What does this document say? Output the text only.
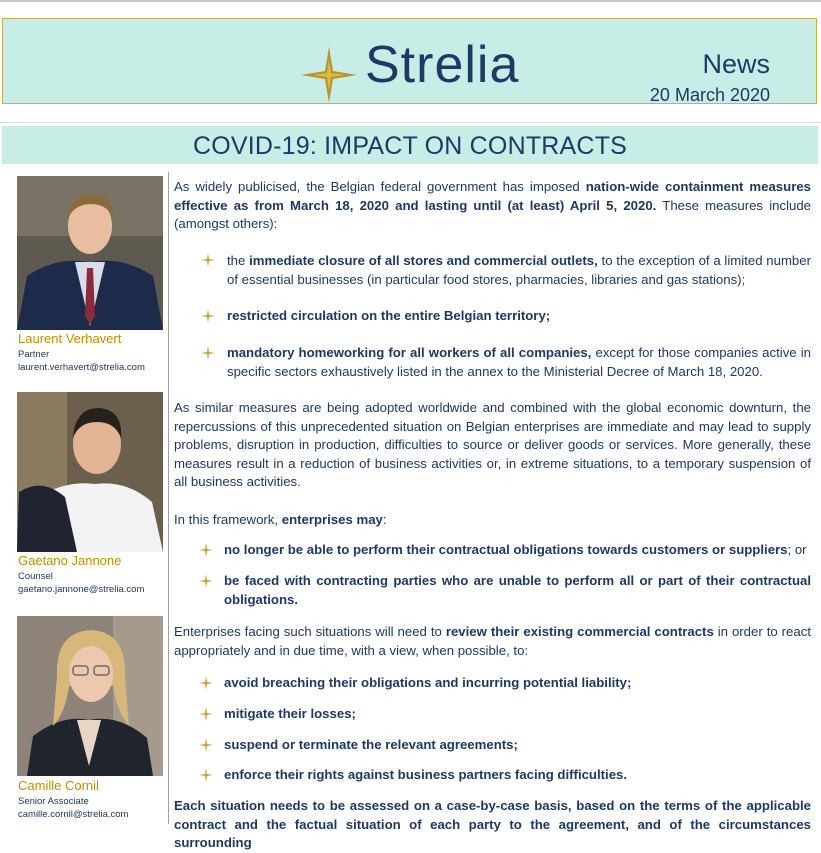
Strelia	News
20 March 2020
COVID-19: IMPACT ON CONTRACTS
Laurent Verhavert
Partner
laurent.verhavert@strelia.com
Gaetano Jannone
Counsel
gaetano.jannone@strelia.com
Camille Cornil
Senior Associate
camille.cornil@strelia.com

As widely publicised, the Belgian federal government has imposed nation-wide containment measures effective as from March 18, 2020 and lasting until (at least) April 5, 2020. These measures include (amongst others):

the immediate closure of all stores and commercial outlets, to the exception of a limited number of essential businesses (in particular food stores, pharmacies, libraries and gas stations);
restricted circulation on the entire Belgian territory;
mandatory homeworking for all workers of all companies, except for those companies active in specific sectors exhaustively listed in the annex to the Ministerial Decree of March 18, 2020.

As similar measures are being adopted worldwide and combined with the global economic downturn, the repercussions of this unprecedented situation on Belgian enterprises are immediate and may lead to supply problems, disruption in production, difficulties to source or deliver goods or services. More generally, these measures result in a reduction of business activities or, in extreme situations, to a temporary suspension of all business activities.

In this framework, enterprises may:

no longer be able to perform their contractual obligations towards customers or suppliers; or
be faced with contracting parties who are unable to perform all or part of their contractual obligations.

Enterprises facing such situations will need to review their existing commercial contracts in order to react appropriately and in due time, with a view, when possible, to:

avoid breaching their obligations and incurring potential liability;
mitigate their losses;
suspend or terminate the relevant agreements;
enforce their rights against business partners facing difficulties.

Each situation needs to be assessed on a case-by-case basis, based on the terms of the applicable contract and the factual situation of each party to the agreement, and of the circumstances surrounding
